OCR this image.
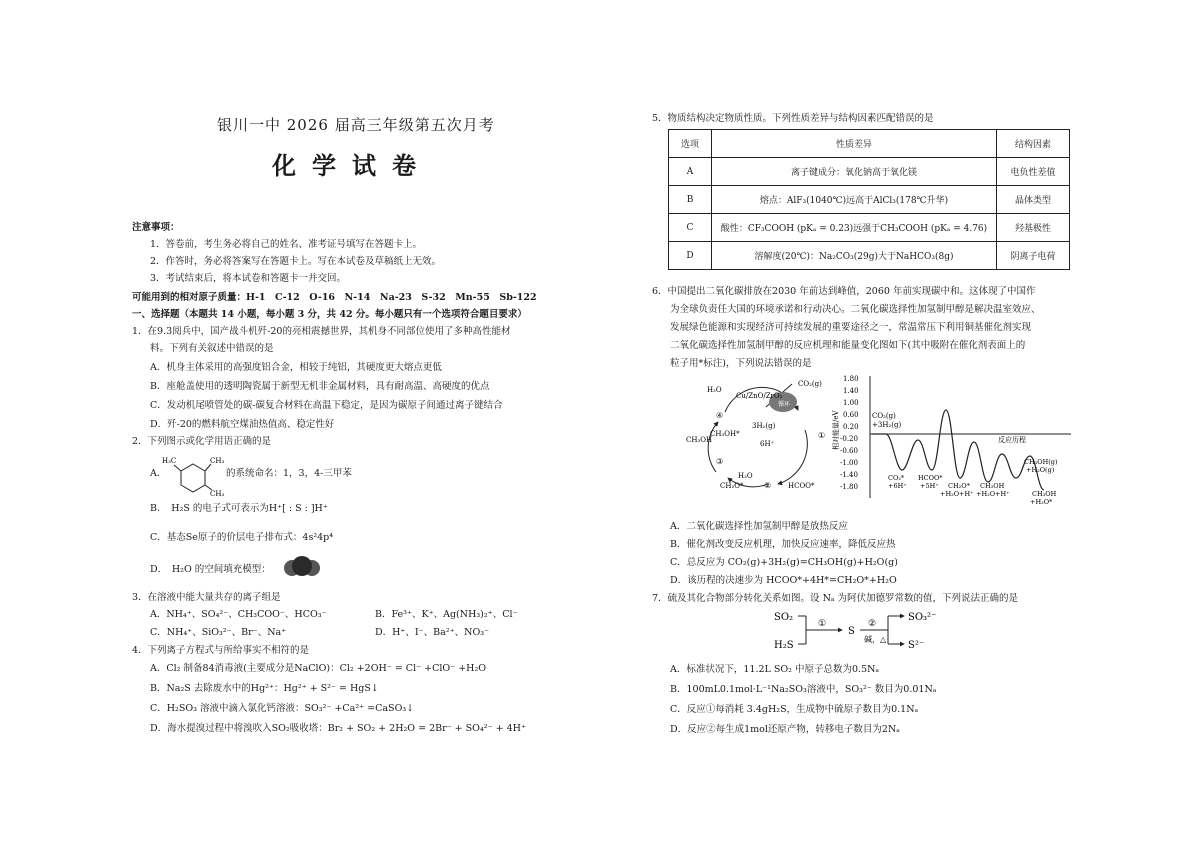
银川一中 2026 届高三年级第五次月考
化学试卷
注意事项：
1．答卷前，考生务必将自己的姓名、准考证号填写在答题卡上。
2．作答时，务必将答案写在答题卡上。写在本试卷及草稿纸上无效。
3．考试结束后，将本试卷和答题卡一并交回。
可能用到的相对原子质量：H-1　C-12　O-16　N-14　Na-23　S-32　Mn-55　Sb-122
一、选择题（本题共 14 小题，每小题 3 分，共 42 分。每小题只有一个选项符合题目要求）
1．在9.3阅兵中，国产战斗机歼-20的亮相震撼世界，其机身不同部位使用了多种高性能材
料。下列有关叙述中错误的是
A．机身主体采用的高强度铝合金，相较于纯铝，其硬度更大熔点更低
B．座舱盖使用的透明陶瓷属于新型无机非金属材料，具有耐高温、高硬度的优点
C．发动机尾喷管处的碳-碳复合材料在高温下稳定，是因为碳原子间通过离子键结合
D．歼-20的燃料航空煤油热值高、稳定性好
2．下列图示或化学用语正确的是
A．
H₃C	CH₃
CH₃
的系统命名：1，3，4-三甲苯
B．　H₂S 的电子式可表示为H⁺[ : S : ]H⁺
C．基态Se原子的价层电子排布式：4s²4p⁴
D．　H₂O 的空间填充模型：
3．在溶液中能大量共存的离子组是
A．NH₄⁺、SO₄²⁻、CH₃COO⁻、HCO₃⁻	B．Fe³⁺、K⁺、Ag(NH₃)₂⁺、Cl⁻
C．NH₄⁺、SiO₃²⁻、Br⁻、Na⁺	D．H⁺、I⁻、Ba²⁺、NO₃⁻
4．下列离子方程式与所给事实不相符的是
A．Cl₂ 制备84消毒液(主要成分是NaClO)：Cl₂ +2OH⁻ = Cl⁻ +ClO⁻ +H₂O
B．Na₂S 去除废水中的Hg²⁺：Hg²⁺ + S²⁻ = HgS↓
C．H₂SO₃ 溶液中滴入氯化钙溶液：SO₃²⁻ +Ca²⁺ =CaSO₃↓
D．海水提溴过程中将溴吹入SO₂吸收塔：Br₂ + SO₂ + 2H₂O = 2Br⁻ + SO₄²⁻ + 4H⁺
5．物质结构决定物质性质。下列性质差异与结构因素匹配错误的是
选项	性质差异	结构因素
A	离子键成分：氧化钠高于氧化镁	电负性差值
B	熔点：AlF₃(1040℃)远高于AlCl₃(178℃升华)	晶体类型
C	酸性：CF₃COOH (pKₐ = 0.23)远强于CH₃COOH (pKₐ = 4.76)	羟基极性
D	溶解度(20℃)：Na₂CO₃(29g)大于NaHCO₃(8g)	阴离子电荷
6．中国提出二氧化碳排放在2030 年前达到峰值，2060 年前实现碳中和。这体现了中国作
为全球负责任大国的环境承诺和行动决心。二氧化碳选择性加氢制甲醇是解决温室效应、
发展绿色能源和实现经济可持续发展的重要途径之一，常温常压下利用铜基催化剂实现
二氧化碳选择性加氢制甲醇的反应机理和能量变化图如下(其中吸附在催化剂表面上的
粒子用*标注)，下列说法错误的是
H₂O
Cu/ZnO/ZrO₂
CO₂(g)
3H₂(g)
6H⁺
CH₃OH
CH₃OH*
H₂O
CH₂O*	HCOO*
①
②
③
④
循环
相对能量/eV
1.80
1.40
1.00
0.60
0.20
-0.20
-0.60
-1.00
-1.40
-1.80
CO₂(g)
+3H₂(g)
反应历程
CO₂*
+6H⁺
HCOO*
+5H⁺ CH₂O*
+H₂O+H⁺
CH₃OH
+H₂O+H⁺
CH₃OH(g)
+H₂O(g)
CH₃OH
+H₂O*
A．二氧化碳选择性加氢制甲醇是放热反应
B．催化剂改变反应机理，加快反应速率，降低反应热
C．总反应为 CO₂(g)+3H₂(g)=CH₃OH(g)+H₂O(g)
D．该历程的决速步为 HCOO*+4H*=CH₂O*+H₂O
7．硫及其化合物部分转化关系如图。设 Nₐ 为阿伏加德罗常数的值，下列说法正确的是
SO₂
H₂S
①
S
②
碱，△
SO₃²⁻
S²⁻
A．标准状况下，11.2L SO₂ 中原子总数为0.5Nₐ
B．100mL0.1mol·L⁻¹Na₂SO₃溶液中，SO₃²⁻ 数目为0.01Nₐ
C．反应①每消耗 3.4gH₂S，生成物中硫原子数目为0.1Nₐ
D．反应②每生成1mol还原产物，转移电子数目为2Nₐ
